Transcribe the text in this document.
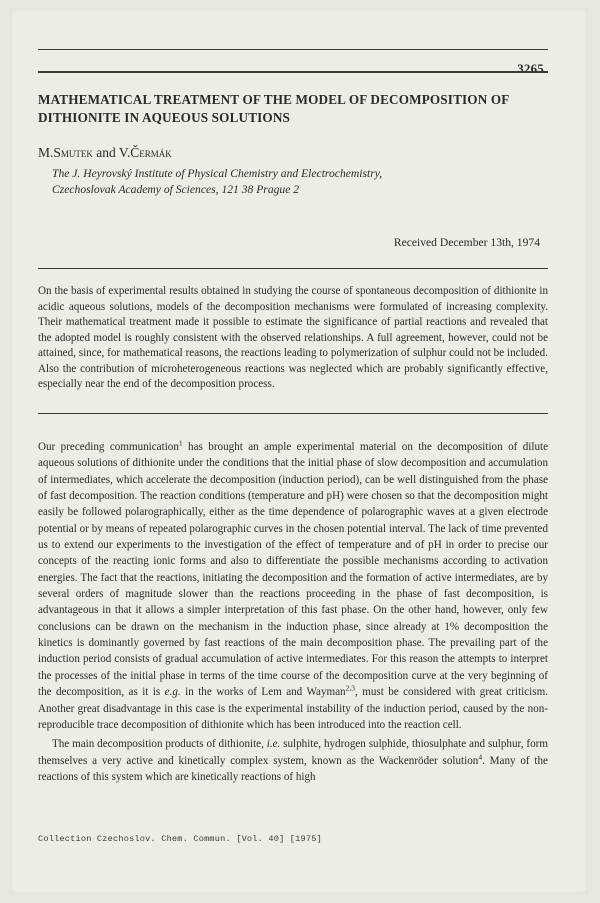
3265
MATHEMATICAL TREATMENT OF THE MODEL OF DECOMPOSITION OF DITHIONITE IN AQUEOUS SOLUTIONS
M.Smutek and V.Čermák
The J. Heyrovský Institute of Physical Chemistry and Electrochemistry,
Czechoslovak Academy of Sciences, 121 38 Prague 2
Received December 13th, 1974
On the basis of experimental results obtained in studying the course of spontaneous decomposition of dithionite in acidic aqueous solutions, models of the decomposition mechanisms were formulated of increasing complexity. Their mathematical treatment made it possible to estimate the significance of partial reactions and revealed that the adopted model is roughly consistent with the observed relationships. A full agreement, however, could not be attained, since, for mathematical reasons, the reactions leading to polymerization of sulphur could not be included. Also the contribution of microheterogeneous reactions was neglected which are probably significantly effective, especially near the end of the decomposition process.

Our preceding communication$^1$ has brought an ample experimental material on the decomposition of dilute aqueous solutions of dithionite under the conditions that the initial phase of slow decomposition and accumulation of intermediates, which accelerate the decomposition (induction period), can be well distinguished from the phase of fast decomposition. The reaction conditions (temperature and pH) were chosen so that the decomposition might easily be followed polarographically, either as the time dependence of polarographic waves at a given electrode potential or by means of repeated polarographic curves in the chosen potential interval. The lack of time prevented us to extend our experiments to the investigation of the effect of temperature and of pH in order to precise our concepts of the reacting ionic forms and also to differentiate the possible mechanisms according to activation energies. The fact that the reactions, initiating the decomposition and the formation of active intermediates, are by several orders of magnitude slower than the reactions proceeding in the phase of fast decomposition, is advantageous in that it allows a simpler interpretation of this fast phase. On the other hand, however, only few conclusions can be drawn on the mechanism in the induction phase, since already at 1% decomposition the kinetics is dominantly governed by fast reactions of the main decomposition phase. The prevailing part of the induction period consists of gradual accumulation of active intermediates. For this reason the attempts to interpret the processes of the initial phase in terms of the time course of the decomposition curve at the very beginning of the decomposition, as it is e.g. in the works of Lem and Wayman$^{2,3}$, must be considered with great criticism. Another great disadvantage in this case is the experimental instability of the induction period, caused by the non-reproducible trace decomposition of dithionite which has been introduced into the reaction cell.

The main decomposition products of dithionite, i.e. sulphite, hydrogen sulphide, thiosulphate and sulphur, form themselves a very active and kinetically complex system, known as the Wackenröder solution$^4$. Many of the reactions of this system which are kinetically reactions of high

Collection Czechoslov. Chem. Commun. [Vol. 40] [1975]
